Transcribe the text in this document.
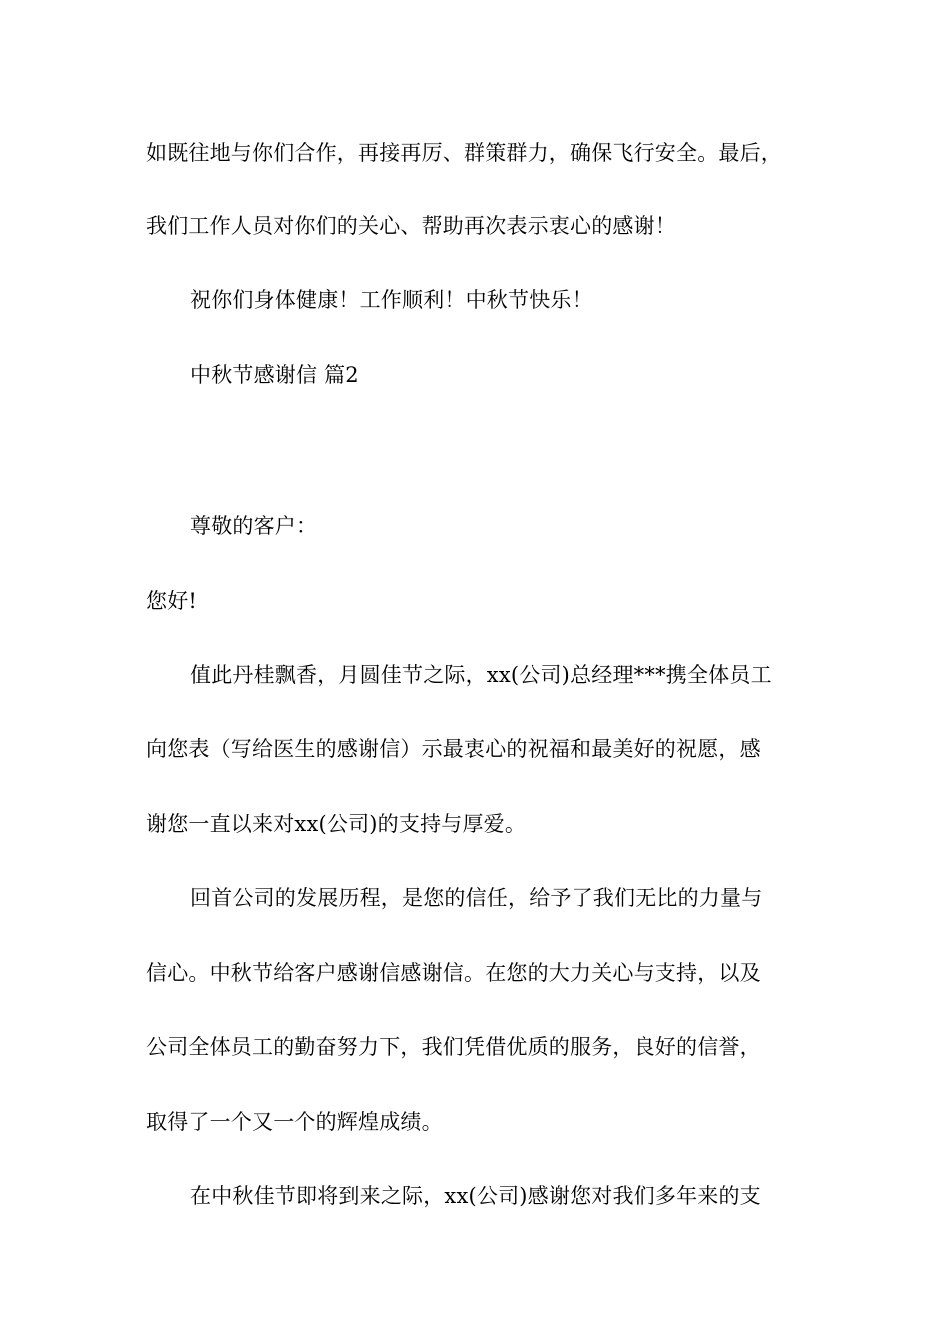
如既往地与你们合作，再接再厉、群策群力，确保飞行安全。最后，
我们工作人员对你们的关心、帮助再次表示衷心的感谢！
祝你们身体健康！工作顺利！中秋节快乐！
中秋节感谢信 篇2
尊敬的客户：
您好!
值此丹桂飘香，月圆佳节之际，xx(公司)总经理***携全体员工
向您表（写给医生的感谢信）示最衷心的祝福和最美好的祝愿，感
谢您一直以来对xx(公司)的支持与厚爱。
回首公司的发展历程，是您的信任，给予了我们无比的力量与
信心。中秋节给客户感谢信感谢信。在您的大力关心与支持，以及
公司全体员工的勤奋努力下，我们凭借优质的服务，良好的信誉，
取得了一个又一个的辉煌成绩。
在中秋佳节即将到来之际，xx(公司)感谢您对我们多年来的支
